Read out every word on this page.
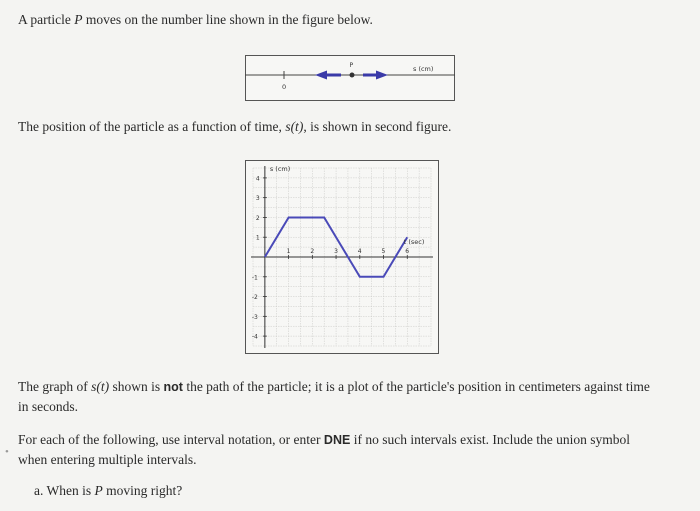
A particle P moves on the number line shown in the figure below.
0
P	s (cm)
The position of the particle as a function of time, s(t), is shown in second figure.
1	2	3	4	5	6
4
3
2
1
-1
-2
-3
-4
s (cm)
t (sec)
The graph of s(t) shown is not the path of the particle; it is a plot of the particle's position in centimeters against time in seconds.
•
For each of the following, use interval notation, or enter DNE if no such intervals exist. Include the union symbol when entering multiple intervals.
a. When is P moving right?
